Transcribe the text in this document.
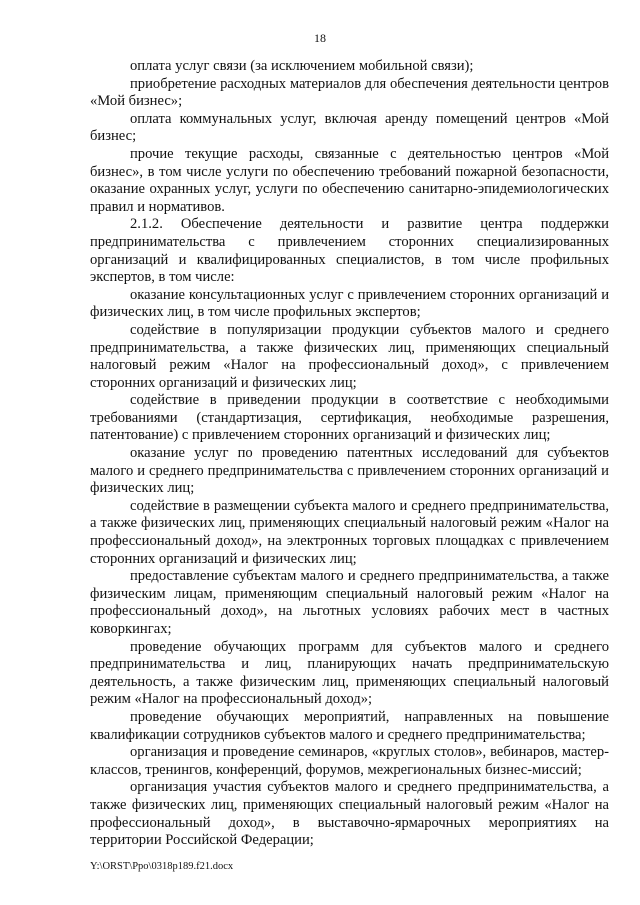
18

оплата услуг связи (за исключением мобильной связи);

приобретение расходных материалов для обеспечения деятельности центров «Мой бизнес»;

оплата коммунальных услуг, включая аренду помещений центров «Мой бизнес;

прочие текущие расходы, связанные с деятельностью центров «Мой бизнес», в том числе услуги по обеспечению требований пожарной безопасности, оказание охранных услуг, услуги по обеспечению санитарно-эпидемиологических правил и нормативов.

2.1.2. Обеспечение деятельности и развитие центра поддержки предпринимательства с привлечением сторонних специализированных организаций и квалифицированных специалистов, в том числе профильных экспертов, в том числе:

оказание консультационных услуг с привлечением сторонних организаций и физических лиц, в том числе профильных экспертов;

содействие в популяризации продукции субъектов малого и среднего предпринимательства, а также физических лиц, применяющих специальный налоговый режим «Налог на профессиональный доход», с привлечением сторонних организаций и физических лиц;

содействие в приведении продукции в соответствие с необходимыми требованиями (стандартизация, сертификация, необходимые разрешения, патентование) с привлечением сторонних организаций и физических лиц;

оказание услуг по проведению патентных исследований для субъектов малого и среднего предпринимательства с привлечением сторонних организаций и физических лиц;

содействие в размещении субъекта малого и среднего предпринимательства, а также физических лиц, применяющих специальный налоговый режим «Налог на профессиональный доход», на электронных торговых площадках с привлечением сторонних организаций и физических лиц;

предоставление субъектам малого и среднего предпринимательства, а также физическим лицам, применяющим специальный налоговый режим «Налог на профессиональный доход», на льготных условиях рабочих мест в частных коворкингах;

проведение обучающих программ для субъектов малого и среднего предпринимательства и лиц, планирующих начать предпринимательскую деятельность, а также физическим лиц, применяющих специальный налоговый режим «Налог на профессиональный доход»;

проведение обучающих мероприятий, направленных на повышение квалификации сотрудников субъектов малого и среднего предпринимательства;

организация и проведение семинаров, «круглых столов», вебинаров, мастер-классов, тренингов, конференций, форумов, межрегиональных бизнес-миссий;

организация участия субъектов малого и среднего предпринимательства, а также физических лиц, применяющих специальный налоговый режим «Налог на профессиональный доход», в выставочно-ярмарочных мероприятиях на территории Российской Федерации;

Y:\ORST\Ppo\0318p189.f21.docx
